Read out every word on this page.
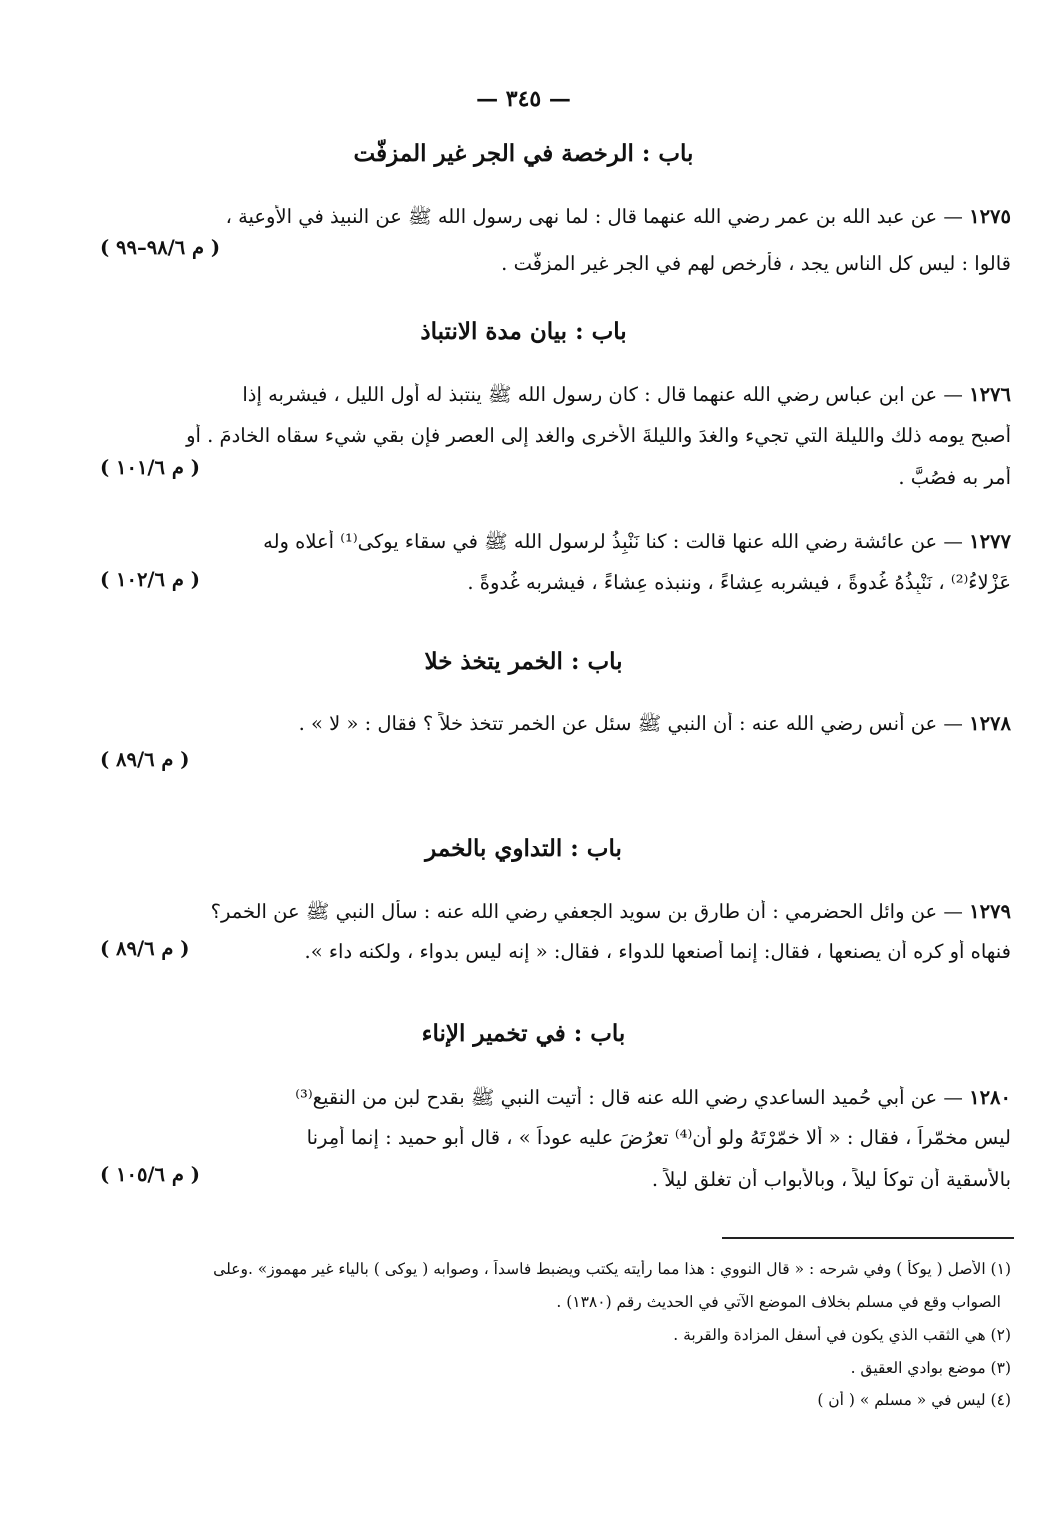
— ٣٤٥ —
باب : الرخصة في الجر غير المزفّت
١٢٧٥ — عن عبد الله بن عمر رضي الله عنهما قال : لما نهى رسول الله ﷺ عن النبيذ في الأوعية ،
قالوا : ليس كل الناس يجد ، فأرخص لهم في الجر غير المزفّت .
( م ٩٨/٦–٩٩ )
باب : بيان مدة الانتباذ
١٢٧٦ — عن ابن عباس رضي الله عنهما قال : كان رسول الله ﷺ ينتبذ له أول الليل ، فيشربه إذا
أصبح يومه ذلك والليلة التي تجيء والغدَ والليلةَ الأخرى والغد إلى العصر فإن بقي شيء سقاه الخادمَ . أو
أمر به فصُبَّ .
( م ١٠١/٦ )
١٢٧٧ — عن عائشة رضي الله عنها قالت : كنا نَنْبِذُ لرسول الله ﷺ في سقاء يوكى⁽¹⁾ أعلاه وله
عَزْلاءُ⁽²⁾ ، نَنْبِذُهُ غُدوةً ، فيشربه عِشاءً ، وننبذه عِشاءً ، فيشربه غُدوةً .
( م ١٠٢/٦ )
باب : الخمر يتخذ خلا
١٢٧٨ — عن أنس رضي الله عنه : أن النبي ﷺ سئل عن الخمر تتخذ خلاً ؟ فقال : « لا » .
( م ٨٩/٦ )
باب : التداوي بالخمر
١٢٧٩ — عن وائل الحضرمي : أن طارق بن سويد الجعفي رضي الله عنه : سأل النبي ﷺ عن الخمر؟
فنهاه أو كره أن يصنعها ، فقال: إنما أصنعها للدواء ، فقال: « إنه ليس بدواء ، ولكنه داء ».
( م ٨٩/٦ )
باب : في تخمير الإناء
١٢٨٠ — عن أبي حُميد الساعدي رضي الله عنه قال : أتيت النبي ﷺ بقدح لبن من النقيع⁽³⁾
ليس مخمّراً ، فقال : « ألا خمّرْتَهُ ولو أن⁽⁴⁾ تعرُضَ عليه عوداً » ، قال أبو حميد : إنما أُمِرنا
بالأسقية أن توكأ ليلاً ، وبالأبواب أن تغلق ليلاً .
( م ١٠٥/٦ )
(١) الأصل ( يوكأ ) وفي شرحه : « قال النووي : هذا مما رأيته يكتب ويضبط فاسداً ، وصوابه ( يوكى ) بالياء غير مهموز» .وعلى
الصواب وقع في مسلم بخلاف الموضع الآتي في الحديث رقم (١٣٨٠) .
(٢) هي الثقب الذي يكون في أسفل المزادة والقربة .
(٣) موضع بوادي العقيق .
(٤) ليس في « مسلم » ( أن )
